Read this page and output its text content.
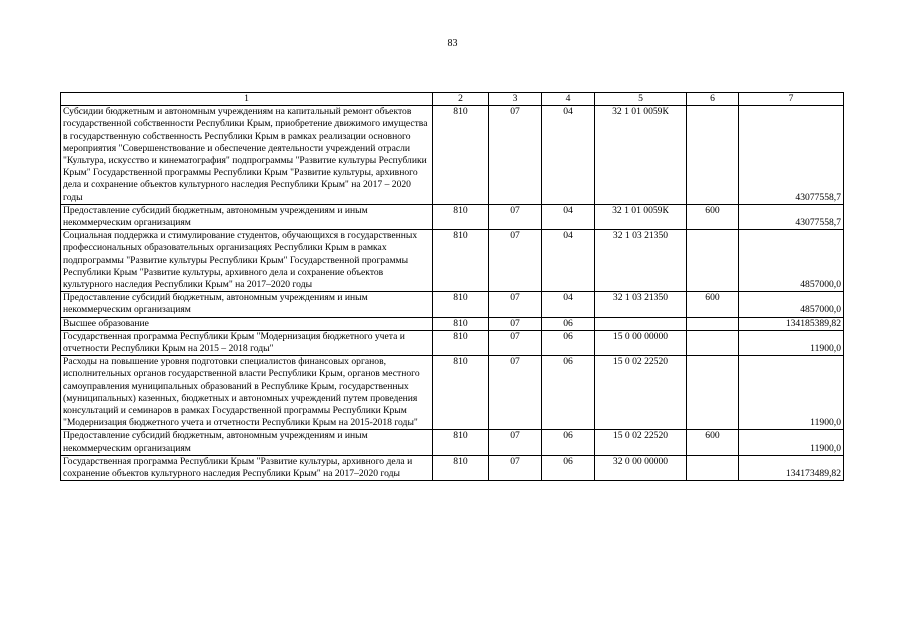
83
1	2	3	4	5	6	7
Субсидии бюджетным и автономным учреждениям на капитальный ремонт объектов государственной собственности Республики Крым, приобретение движимого имущества в государственную собственность Республики Крым в рамках реализации основного мероприятия "Совершенствование и обеспечение деятельности учреждений отрасли "Культура, искусство и кинематография" подпрограммы "Развитие культуры Республики Крым" Государственной программы Республики Крым "Развитие культуры, архивного дела и сохранение объектов культурного наследия Республики Крым" на 2017 – 2020 годы	810	07	04	32 1 01 0059К		43077558,7
Предоставление субсидий бюджетным, автономным учреждениям и иным некоммерческим организациям	810	07	04	32 1 01 0059К	600	43077558,7
Социальная поддержка и стимулирование студентов, обучающихся в государственных профессиональных образовательных организациях Республики Крым в рамках подпрограммы "Развитие культуры Республики Крым" Государственной программы Республики Крым "Развитие культуры, архивного дела и сохранение объектов культурного наследия Республики Крым" на 2017–2020 годы	810	07	04	32 1 03 21350		4857000,0
Предоставление субсидий бюджетным, автономным учреждениям и иным некоммерческим организациям	810	07	04	32 1 03 21350	600	4857000,0
Высшее образование	810	07	06			134185389,82
Государственная программа Республики Крым "Модернизация бюджетного учета и отчетности Республики Крым на 2015 – 2018 годы"	810	07	06	15 0 00 00000		11900,0
Расходы на повышение уровня подготовки специалистов финансовых органов, исполнительных органов государственной власти Республики Крым, органов местного самоуправления муниципальных образований в Республике Крым, государственных (муниципальных) казенных, бюджетных и автономных учреждений путем проведения консультаций и семинаров в рамках Государственной программы Республики Крым "Модернизация бюджетного учета и отчетности Республики Крым на 2015-2018 годы"	810	07	06	15 0 02 22520		11900,0
Предоставление субсидий бюджетным, автономным учреждениям и иным некоммерческим организациям	810	07	06	15 0 02 22520	600	11900,0
Государственная программа Республики Крым "Развитие культуры, архивного дела и сохранение объектов культурного наследия Республики Крым" на 2017–2020 годы	810	07	06	32 0 00 00000		134173489,82
